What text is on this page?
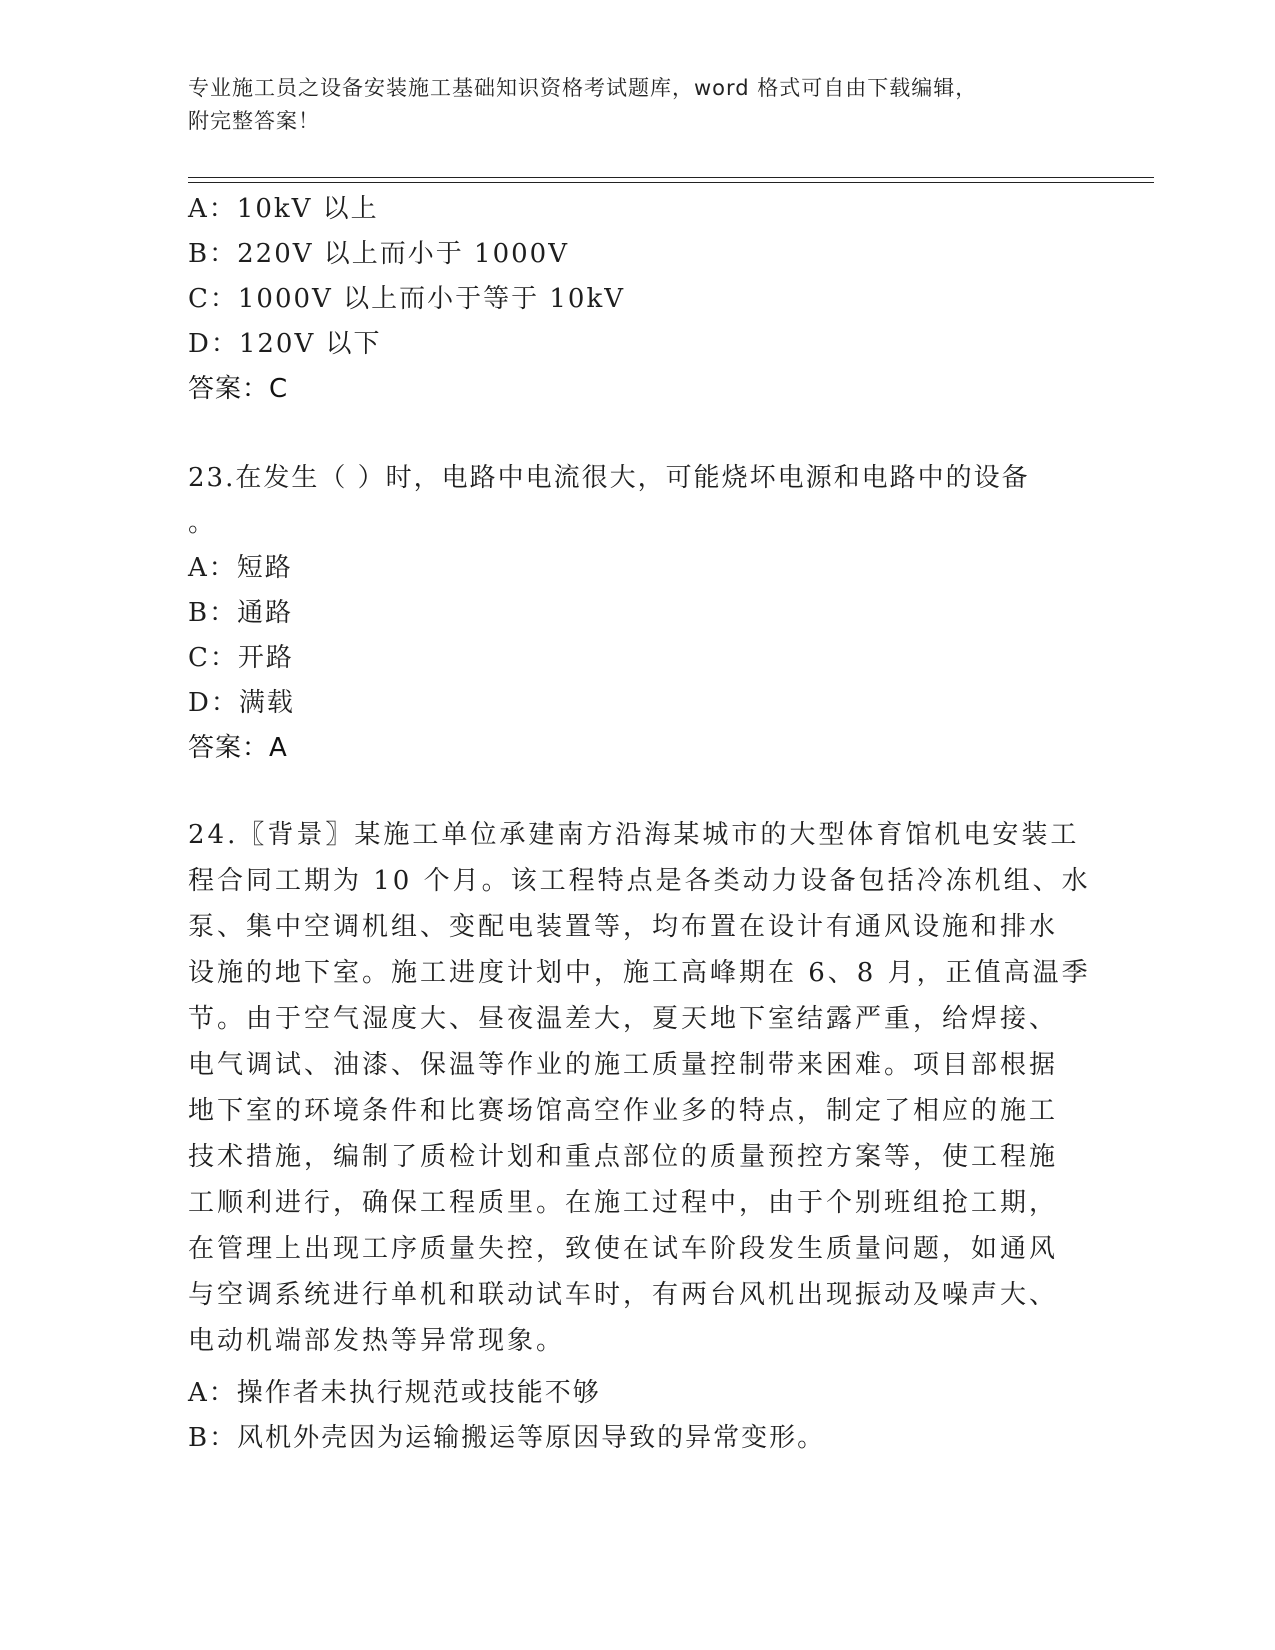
专业施工员之设备安装施工基础知识资格考试题库，word 格式可自由下载编辑，
附完整答案！
A：10kV 以上
B：220V 以上而小于 1000V
C：1000V 以上而小于等于 10kV
D：120V 以下
答案：C
23.在发生（ ）时，电路中电流很大，可能烧坏电源和电路中的设备
。
A：短路
B：通路
C：开路
D：满载
答案：A
24.〖背景〗某施工单位承建南方沿海某城市的大型体育馆机电安装工
程合同工期为 10 个月。该工程特点是各类动力设备包括冷冻机组、水
泵、集中空调机组、变配电装置等，均布置在设计有通风设施和排水
设施的地下室。施工进度计划中，施工高峰期在 6、8 月，正值高温季
节。由于空气湿度大、昼夜温差大，夏天地下室结露严重，给焊接、
电气调试、油漆、保温等作业的施工质量控制带来困难。项目部根据
地下室的环境条件和比赛场馆高空作业多的特点，制定了相应的施工
技术措施，编制了质检计划和重点部位的质量预控方案等，使工程施
工顺利进行，确保工程质里。在施工过程中，由于个别班组抢工期，
在管理上出现工序质量失控，致使在试车阶段发生质量问题，如通风
与空调系统进行单机和联动试车时，有两台风机出现振动及噪声大、
电动机端部发热等异常现象。
A：操作者未执行规范或技能不够
B：风机外壳因为运输搬运等原因导致的异常变形。
